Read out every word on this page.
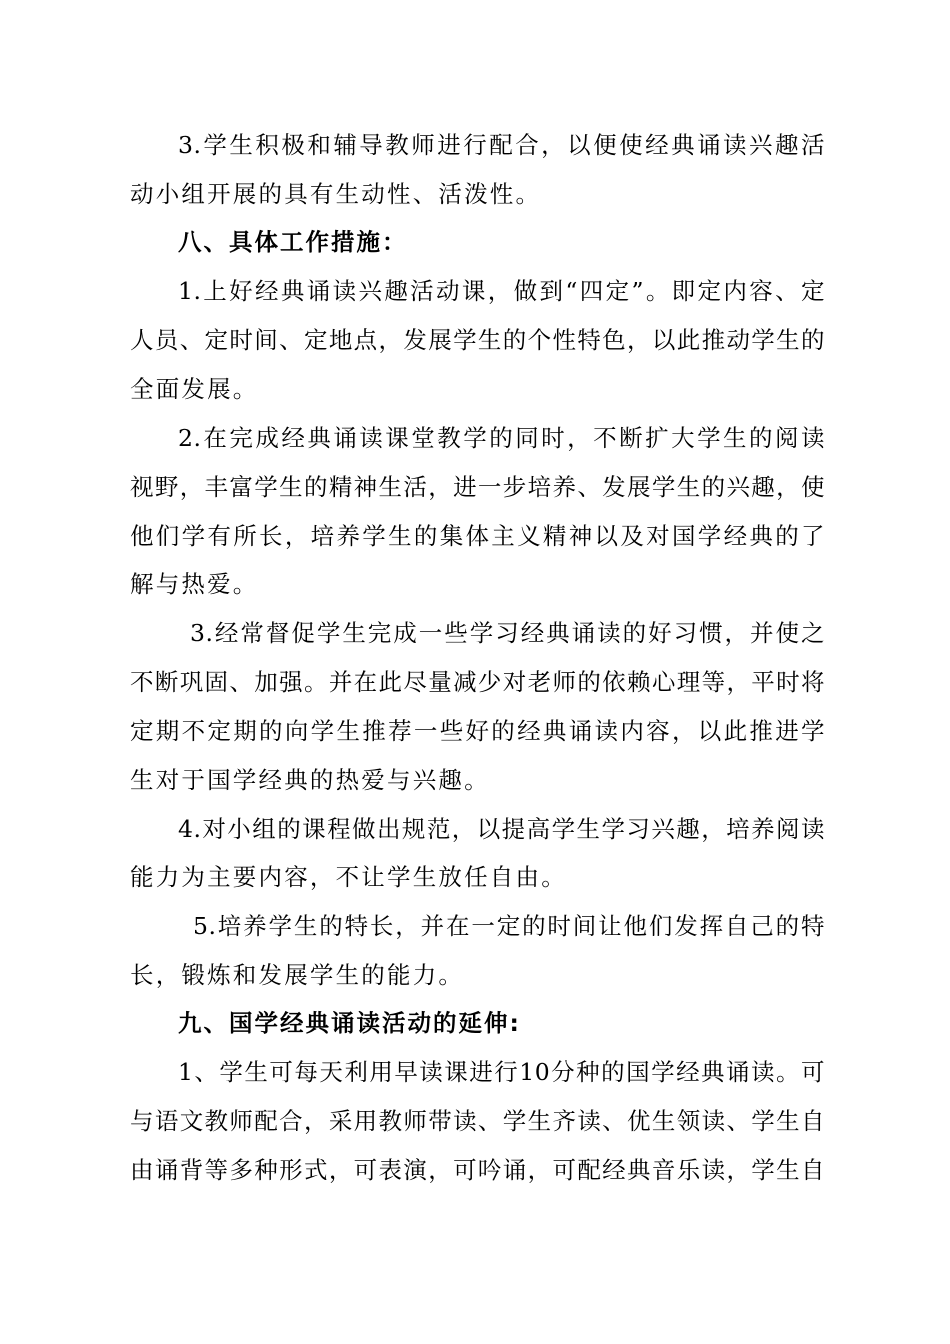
3.学生积极和辅导教师进行配合，以便使经典诵读兴趣活
动小组开展的具有生动性、活泼性。
八、具体工作措施：
1.上好经典诵读兴趣活动课，做到“四定”。即定内容、定
人员、定时间、定地点，发展学生的个性特色，以此推动学生的
全面发展。
2.在完成经典诵读课堂教学的同时，不断扩大学生的阅读
视野，丰富学生的精神生活，进一步培养、发展学生的兴趣，使
他们学有所长，培养学生的集体主义精神以及对国学经典的了
解与热爱。
3.经常督促学生完成一些学习经典诵读的好习惯，并使之
不断巩固、加强。并在此尽量减少对老师的依赖心理等，平时将
定期不定期的向学生推荐一些好的经典诵读内容，以此推进学
生对于国学经典的热爱与兴趣。
4.对小组的课程做出规范，以提高学生学习兴趣，培养阅读
能力为主要内容，不让学生放任自由。
5.培养学生的特长，并在一定的时间让他们发挥自己的特
长，锻炼和发展学生的能力。
九、国学经典诵读活动的延伸:
1、学生可每天利用早读课进行10分种的国学经典诵读。可
与语文教师配合，采用教师带读、学生齐读、优生领读、学生自
由诵背等多种形式，可表演，可吟诵，可配经典音乐读，学生自
